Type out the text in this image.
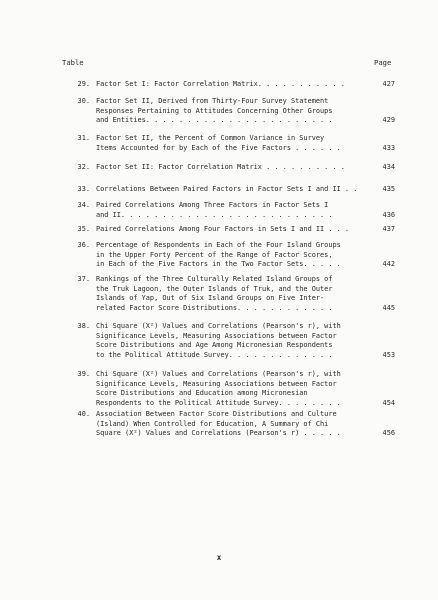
Table	Page
29. Factor Set I: Factor Correlation Matrix. . . . . . . . . . .	427
30. Factor Set II, Derived from Thirty-Four Survey Statement
Responses Pertaining to Attitudes Concerning Other Groups
and Entities. . . . . . . . . . . . . . . . . . . . . . .	429
31. Factor Set II, the Percent of Common Variance in Survey
Items Accounted for by Each of the Five Factors . . . . . .	433
32. Factor Set II: Factor Correlation Matrix . . . . . . . . . .	434
33. Correlations Between Paired Factors in Factor Sets I and II . .	435
34. Paired Correlations Among Three Factors in Factor Sets I
and II. . . . . . . . . . . . . . . . . . . . . . . . . .	436
35. Paired Correlations Among Four Factors in Sets I and II . . .	437
36. Percentage of Respondents in Each of the Four Island Groups
in the Upper Forty Percent of the Range of Factor Scores,
in Each of the Five Factors in the Two Factor Sets. . . . .	442
37. Rankings of the Three Culturally Related Island Groups of
the Truk Lagoon, the Outer Islands of Truk, and the Outer
Islands of Yap, Out of Six Island Groups on Five Inter-
related Factor Score Distributions. . . . . . . . . . . .	445
38. Chi Square (X²) Values and Correlations (Pearson's r), with
Significance Levels, Measuring Associations between Factor
Score Distributions and Age Among Micronesian Respondents
to the Political Attitude Survey. . . . . . . . . . . . .	453
39. Chi Square (X²) Values and Correlations (Pearson's r), with
Significance Levels, Measuring Associations between Factor
Score Distributions and Education among Micronesian
Respondents to the Political Attitude Survey. . . . . . . .	454
40. Association Between Factor Score Distributions and Culture
(Island) When Controlled for Education, A Summary of Chi
Square (X²) Values and Correlations (Pearson's r) . . . . .	456
x
